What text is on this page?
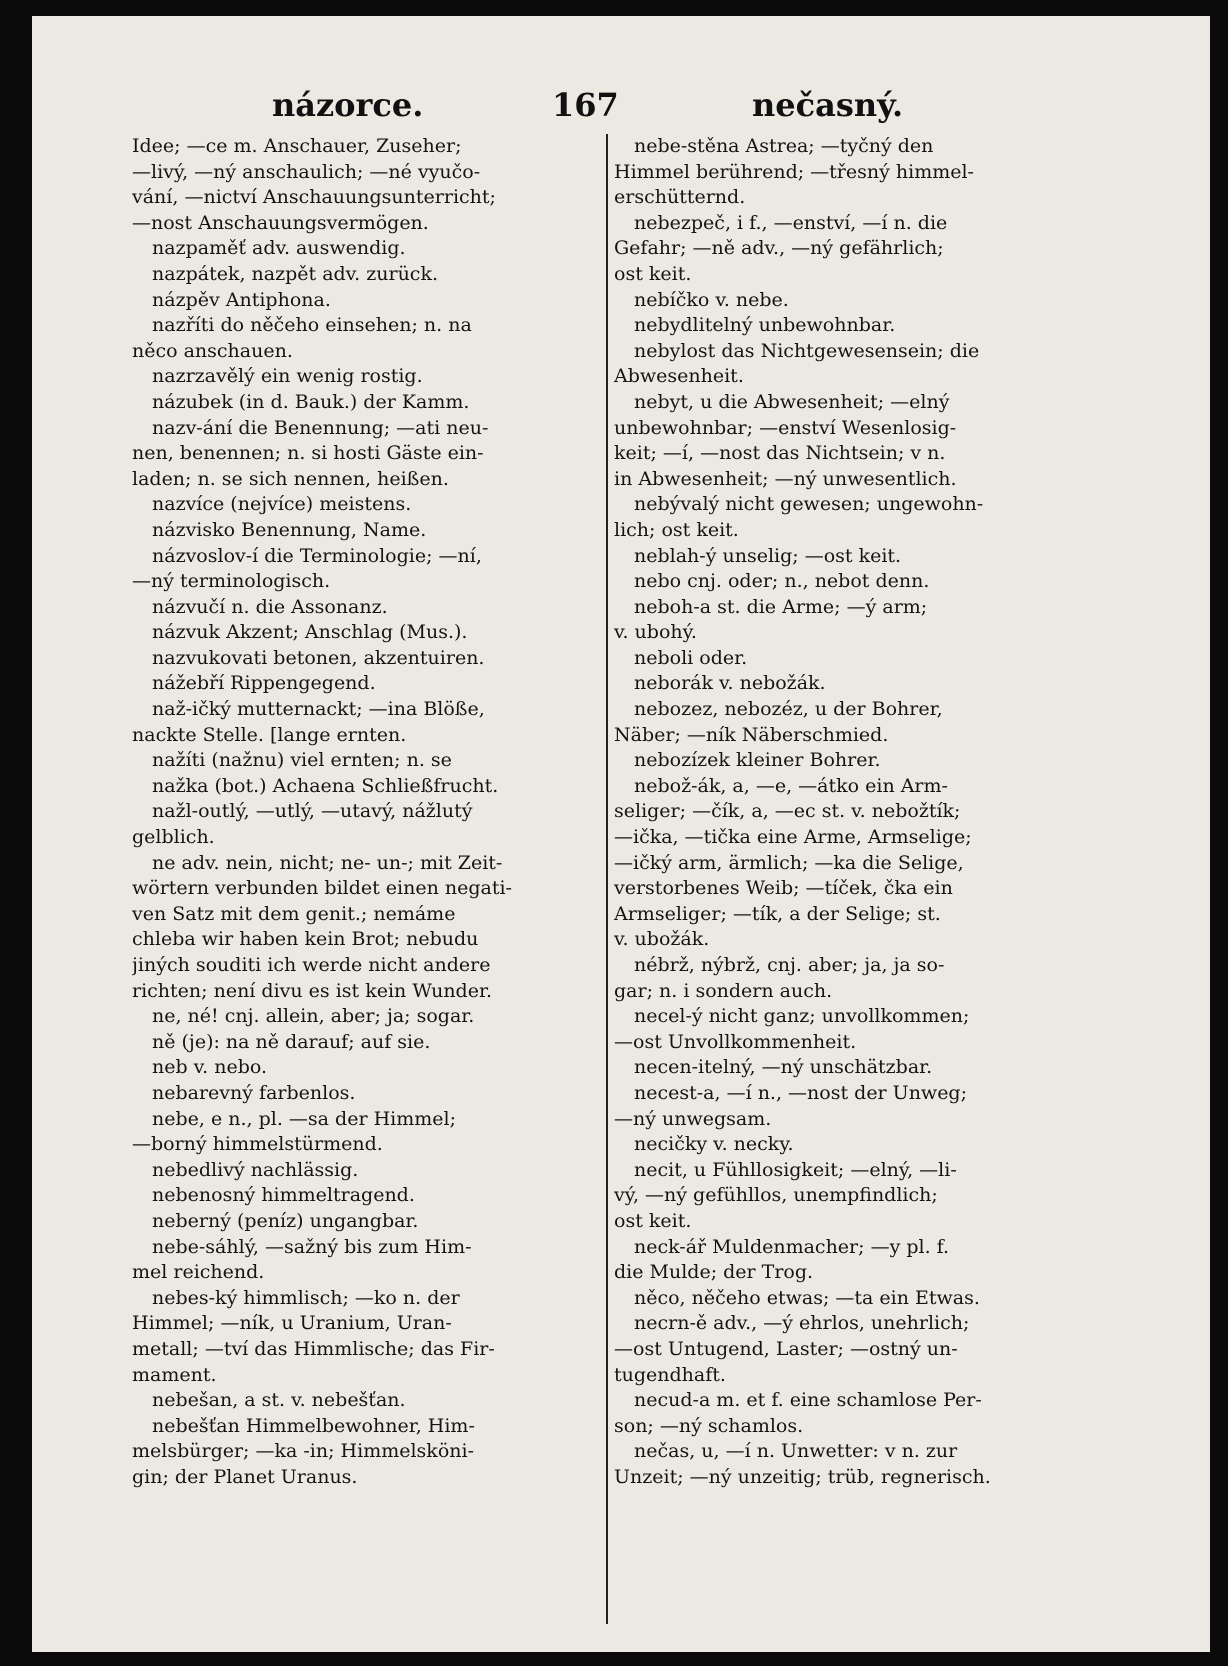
názorce.	167	nečasný.
Idee; —ce m. Anschauer, Zuseher;
—livý, —ný anschaulich; —né vyučo-
vání, —nictví Anschauungsunterricht;
—nost Anschauungsvermögen.
nazpaměť adv. auswendig.
nazpátek, nazpět adv. zurück.
názpěv Antiphona.
nazříti do něčeho einsehen; n. na
něco anschauen.
nazrzavělý ein wenig rostig.
názubek (in d. Bauk.) der Kamm.
nazv-ání die Benennung; —ati neu-
nen, benennen; n. si hosti Gäste ein-
laden; n. se sich nennen, heißen.
nazvíce (nejvíce) meistens.
názvisko Benennung, Name.
názvoslov-í die Terminologie; —ní,
—ný terminologisch.
názvučí n. die Assonanz.
názvuk Akzent; Anschlag (Mus.).
nazvukovati betonen, akzentuiren.
nážebří Rippengegend.
naž-ičký mutternackt; —ina Blöße,
nackte Stelle. [lange ernten.
nažíti (nažnu) viel ernten; n. se
nažka (bot.) Achaena Schließfrucht.
nažl-outlý, —utlý, —utavý, nážlutý
gelblich.
ne adv. nein, nicht; ne- un-; mit Zeit-
wörtern verbunden bildet einen negati-
ven Satz mit dem genit.; nemáme
chleba wir haben kein Brot; nebudu
jiných souditi ich werde nicht andere
richten; není divu es ist kein Wunder.
ne, né! cnj. allein, aber; ja; sogar.
ně (je): na ně darauf; auf sie.
neb v. nebo.
nebarevný farbenlos.
nebe, e n., pl. —sa der Himmel;
—borný himmelstürmend.
nebedlivý nachlässig.
nebenosný himmeltragend.
neberný (peníz) ungangbar.
nebe-sáhlý, —sažný bis zum Him-
mel reichend.
nebes-ký himmlisch; —ko n. der
Himmel; —ník, u Uranium, Uran-
metall; —tví das Himmlische; das Fir-
mament.
nebešan, a st. v. nebešťan.
nebešťan Himmelbewohner, Him-
melsbürger; —ka -in; Himmelsköni-
gin; der Planet Uranus.
nebe-stěna Astrea; —tyčný den
Himmel berührend; —třesný himmel-
erschütternd.
nebezpeč, i f., —enství, —í n. die
Gefahr; —ně adv., —ný gefährlich;
ost keit.
nebíčko v. nebe.
nebydlitelný unbewohnbar.
nebylost das Nichtgewesensein; die
Abwesenheit.
nebyt, u die Abwesenheit; —elný
unbewohnbar; —enství Wesenlosig-
keit; —í, —nost das Nichtsein; v n.
in Abwesenheit; —ný unwesentlich.
nebývalý nicht gewesen; ungewohn-
lich; ost keit.
neblah-ý unselig; —ost keit.
nebo cnj. oder; n., nebot denn.
neboh-a st. die Arme; —ý arm;
v. ubohý.
neboli oder.
neborák v. nebožák.
nebozez, nebozéz, u der Bohrer,
Näber; —ník Näberschmied.
nebozízek kleiner Bohrer.
nebož-ák, a, —e, —átko ein Arm-
seliger; —čík, a, —ec st. v. nebožtík;
—ička, —tička eine Arme, Armselige;
—ičký arm, ärmlich; —ka die Selige,
verstorbenes Weib; —tíček, čka ein
Armseliger; —tík, a der Selige; st.
v. ubožák.
nébrž, nýbrž, cnj. aber; ja, ja so-
gar; n. i sondern auch.
necel-ý nicht ganz; unvollkommen;
—ost Unvollkommenheit.
necen-itelný, —ný unschätzbar.
necest-a, —í n., —nost der Unweg;
—ný unwegsam.
necičky v. necky.
necit, u Fühllosigkeit; —elný, —li-
vý, —ný gefühllos, unempfindlich;
ost keit.
neck-ář Muldenmacher; —y pl. f.
die Mulde; der Trog.
něco, něčeho etwas; —ta ein Etwas.
necrn-ě adv., —ý ehrlos, unehrlich;
—ost Untugend, Laster; —ostný un-
tugendhaft.
necud-a m. et f. eine schamlose Per-
son; —ný schamlos.
nečas, u, —í n. Unwetter: v n. zur
Unzeit; —ný unzeitig; trüb, regnerisch.
